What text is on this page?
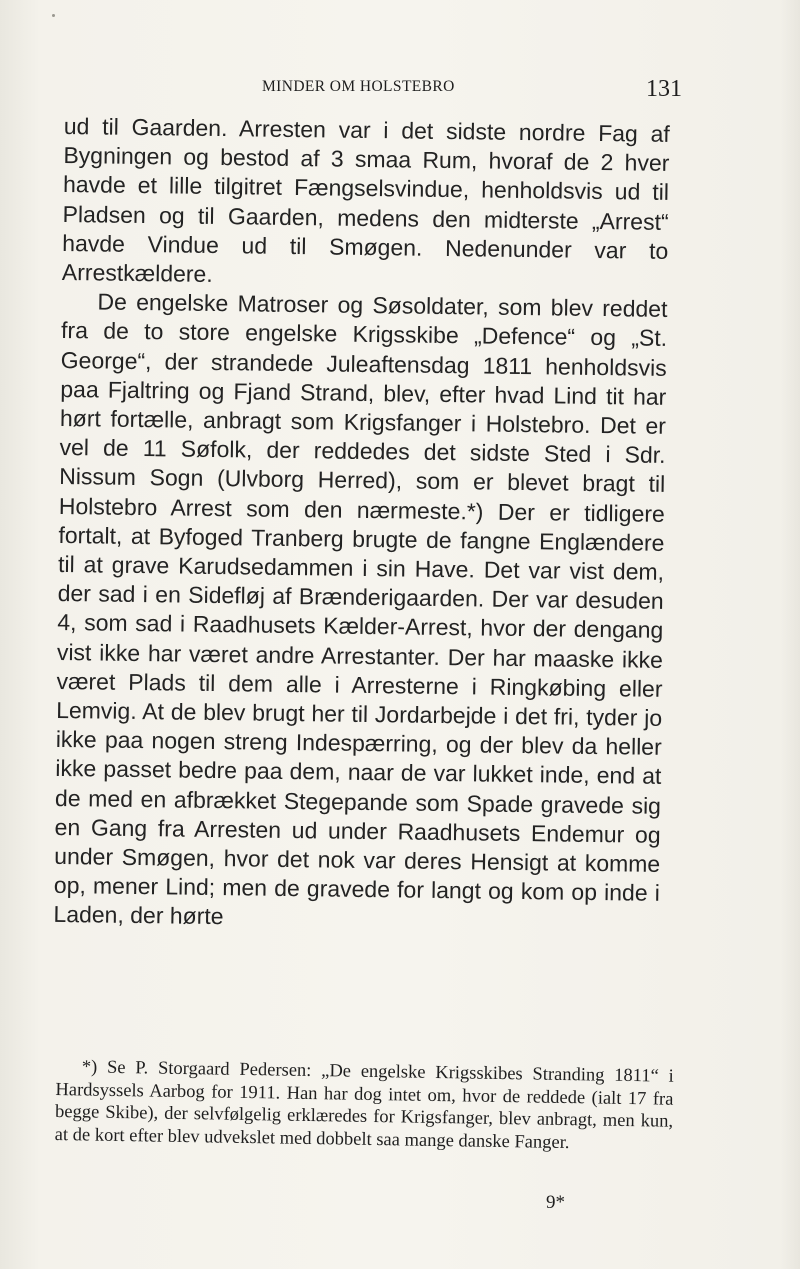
MINDER OM HOLSTEBRO	131

ud til Gaarden. Arresten var i det sidste nordre Fag af Bygningen og bestod af 3 smaa Rum, hvoraf de 2 hver havde et lille tilgitret Fængselsvindue, henholdsvis ud til Pladsen og til Gaarden, medens den midterste „Arrest“ havde Vindue ud til Smøgen. Nedenunder var to Arrestkældere.

De engelske Matroser og Søsoldater, som blev reddet fra de to store engelske Krigsskibe „Defence“ og „St. George“, der strandede Juleaftensdag 1811 henholdsvis paa Fjaltring og Fjand Strand, blev, efter hvad Lind tit har hørt fortælle, anbragt som Krigsfanger i Holstebro. Det er vel de 11 Søfolk, der reddedes det sidste Sted i Sdr. Nissum Sogn (Ulvborg Herred), som er blevet bragt til Holstebro Arrest som den nærmeste.*) Der er tidligere fortalt, at Byfoged Tranberg brugte de fangne Englændere til at grave Karudsedammen i sin Have. Det var vist dem, der sad i en Sidefløj af Brænderigaarden. Der var desuden 4, som sad i Raadhusets Kælder-Arrest, hvor der dengang vist ikke har været andre Arrestanter. Der har maaske ikke været Plads til dem alle i Arresterne i Ringkøbing eller Lemvig. At de blev brugt her til Jordarbejde i det fri, tyder jo ikke paa nogen streng Indespærring, og der blev da heller ikke passet bedre paa dem, naar de var lukket inde, end at de med en afbrækket Stegepande som Spade gravede sig en Gang fra Arresten ud under Raadhusets Endemur og under Smøgen, hvor det nok var deres Hensigt at komme op, mener Lind; men de gravede for langt og kom op inde i Laden, der hørte

*) Se P. Storgaard Pedersen: „De engelske Krigsskibes Stranding 1811“ i Hardsyssels Aarbog for 1911. Han har dog intet om, hvor de reddede (ialt 17 fra begge Skibe), der selvfølgelig erklæredes for Krigsfanger, blev anbragt, men kun, at de kort efter blev udvekslet med dobbelt saa mange danske Fanger.
9*
